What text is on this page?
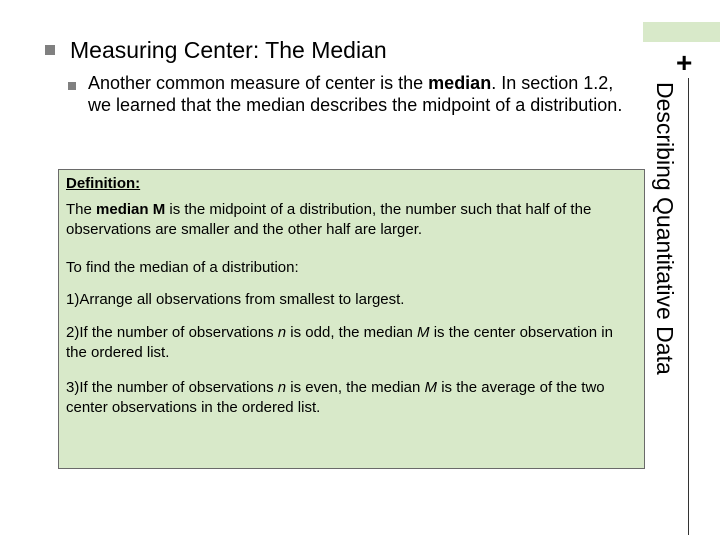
+
Describing Quantitative Data
Measuring Center: The Median
Another common measure of center is the median. In section 1.2, we learned that the median describes the midpoint of a distribution.
Definition:
The median M is the midpoint of a distribution, the number such that half of the observations are smaller and the other half are larger.
To find the median of a distribution:
1)Arrange all observations from smallest to largest.
2)If the number of observations n is odd, the median M is the center observation in the ordered list.
3)If the number of observations n is even, the median M is the average of the two center observations in the ordered list.
